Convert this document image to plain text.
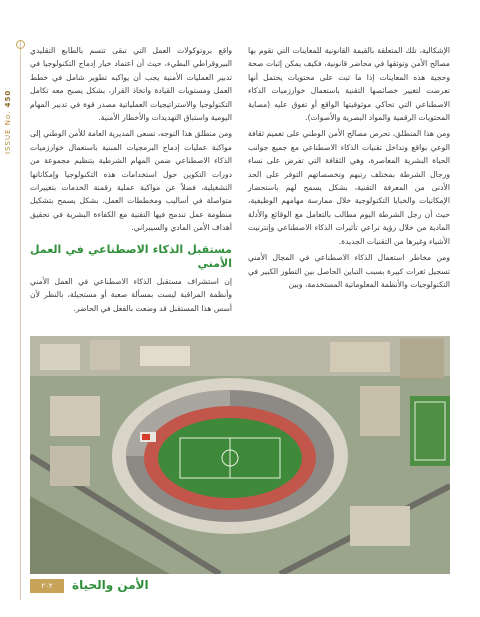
ISSUE No. 450

الإشكالية، تلك المتعلقة بالقيمة القانونية للمعاينات التي تقوم بها مصالح الأمن وتوثقها في محاضر قانونية، فكيف يمكن إثبات صحة وحجية هذه المعاينات إذا ما ثبت على محتويات يحتمل أنها تعرضت لتغيير خصائصها التقنية باستعمال خوارزميات الذكاء الاصطناعي التي تحاكي موثوقيتها الواقع أو تفوق عليه (مصاية المحتويات الرقمية والمواد البصرية والأصوات).

ومن هذا المنطلق، تحرص مصالح الأمن الوطني على تعميم ثقافة الوعي بواقع وتداخل تقنيات الذكاء الاصطناعي مع جميع جوانب الحياة البشرية المعاصرة، وهي الثقافة التي تفرض على نساء ورجال الشرطة بمختلف رتبهم وتخصصاتهم التوفر على الحد الأدنى من المعرفة التقنية، بشكل يسمح لهم باستحضار الإمكانيات والخبايا التكنولوجية خلال ممارسة مهامهم الوظيفية، حيث أن رجل الشرطة اليوم مطالب بالتعامل مع الوقائع والأدلة المادية من خلال رؤية تراعي تأثيرات الذكاء الاصطناعي وإنترنيت الأشياء وغيرها من التقنيات الجديدة.

ومن مخاطر استعمال الذكاء الاصطناعي في المجال الأمني تسجيل ثغرات كبيرة بسبب التباين الحاصل بين التطور الكبير في التكنولوجيات والأنظمة المعلوماتية المستخدمة، وبين

واقع بروتوكولات العمل التي تبقى تتسم بالطابع التقليدي البيروقراطي البطيء، حيث أن اعتماد خيار إدماج التكنولوجيا في تدبير العمليات الأمنية يجب أن يواكبه تطوير شامل في خطط العمل ومستويات القيادة واتخاذ القرار، بشكل يصبح معه تكامل التكنولوجيا والاستراتيجيات العملياتية مصدر قوة في تدبير المهام اليومية واستباق التهديدات والأخطار الأمنية.

ومن منطلق هذا التوجه، تسعى المديرية العامة للأمن الوطني إلى مواكبة عمليات إدماج البرمجيات المبنية باستعمال خوارزميات الذكاء الاصطناعي ضمن المهام الشرطية بتنظيم مجموعة من دورات التكوين حول استخدامات هذه التكنولوجيا وإمكاناتها التشغيلية، فضلاً عن مواكبة عملية رقمنة الخدمات بتغييرات متواصلة في أساليب ومخططات العمل، بشكل يسمح بتشكيل منظومة عمل تندمج فيها التقنية مع الكفاءة البشرية في تحقيق أهداف الأمن المادي والسيبراني.

مستقبل الذكاء الاصطناعي في العمل الأمني

إن استشراف مستقبل الذكاء الاصطناعي في العمل الأمني وأنظمة المراقبة ليست بمسألة صعبة أو مستحيلة، بالنظر لأن أسس هذا المستقبل قد وضعت بالفعل في الحاضر.

الأمن والحياة
٢٠٢
